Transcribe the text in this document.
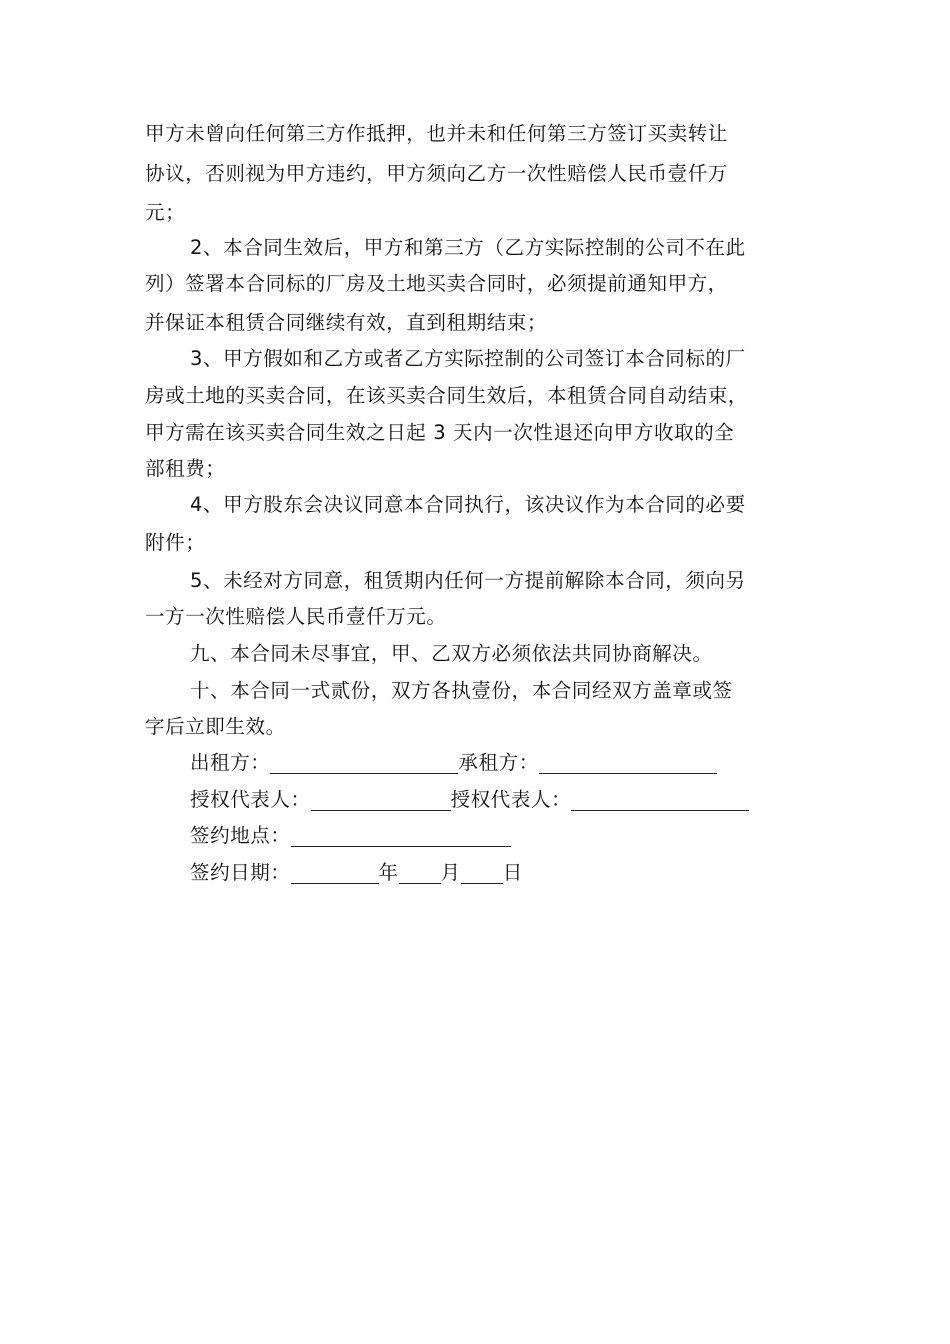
甲方未曾向任何第三方作抵押，也并未和任何第三方签订买卖转让
协议，否则视为甲方违约，甲方须向乙方一次性赔偿人民币壹仟万
元；
2、本合同生效后，甲方和第三方（乙方实际控制的公司不在此
列）签署本合同标的厂房及土地买卖合同时，必须提前通知甲方，
并保证本租赁合同继续有效，直到租期结束；
3、甲方假如和乙方或者乙方实际控制的公司签订本合同标的厂
房或土地的买卖合同，在该买卖合同生效后，本租赁合同自动结束，
甲方需在该买卖合同生效之日起 3 天内一次性退还向甲方收取的全
部租费；
4、甲方股东会决议同意本合同执行，该决议作为本合同的必要
附件；
5、未经对方同意，租赁期内任何一方提前解除本合同，须向另
一方一次性赔偿人民币壹仟万元。
九、本合同未尽事宜，甲、乙双方必须依法共同协商解决。
十、本合同一式贰份，双方各执壹份，本合同经双方盖章或签
字后立即生效。
出租方：	承租方：
授权代表人：	授权代表人：
签约地点：
签约日期：	年 月 日
